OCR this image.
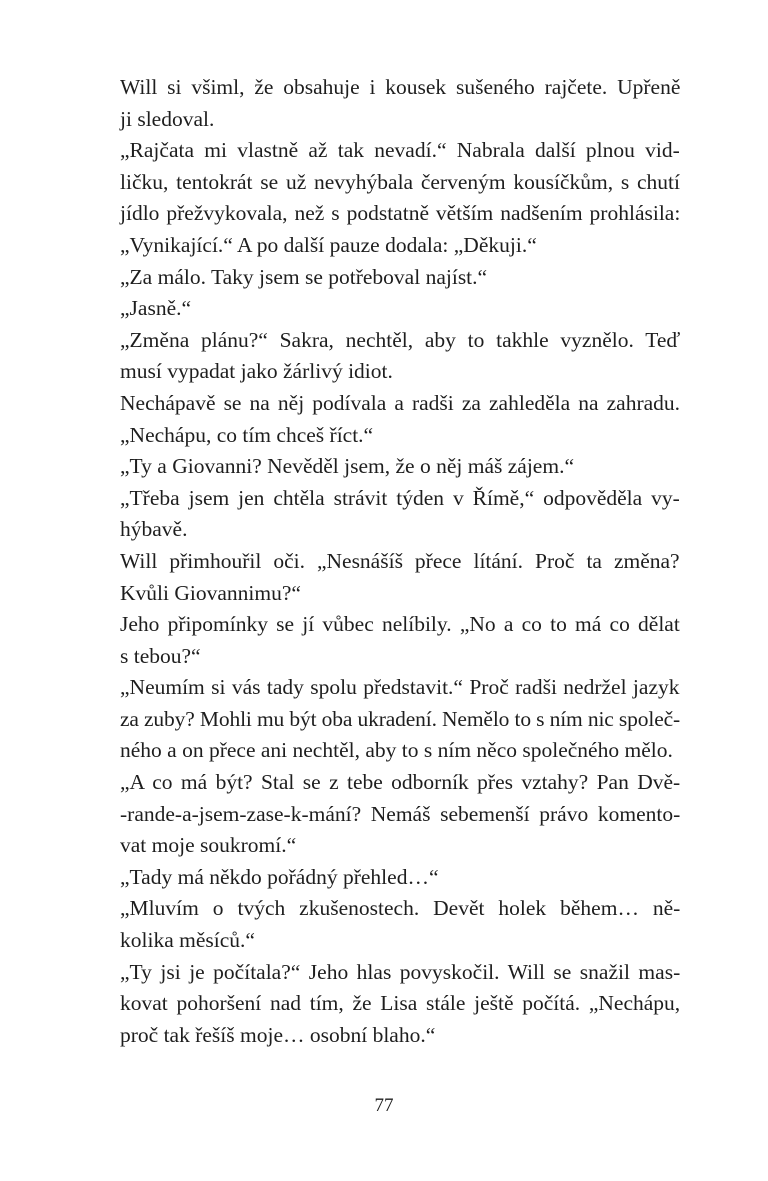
Will si všiml, že obsahuje i kousek sušeného rajčete. Upřeně
ji sledoval.
„Rajčata mi vlastně až tak nevadí.“ Nabrala další plnou vid-
ličku, tentokrát se už nevyhýbala červeným kousíčkům, s chutí
jídlo přežvykovala, než s podstatně větším nadšením prohlásila:
„Vynikající.“ A po další pauze dodala: „Děkuji.“
„Za málo. Taky jsem se potřeboval najíst.“
„Jasně.“
„Změna plánu?“ Sakra, nechtěl, aby to takhle vyznělo. Teď
musí vypadat jako žárlivý idiot.
Nechápavě se na něj podívala a radši za zahleděla na zahradu.
„Nechápu, co tím chceš říct.“
„Ty a Giovanni? Nevěděl jsem, že o něj máš zájem.“
„Třeba jsem jen chtěla strávit týden v Římě,“ odpověděla vy-
hýbavě.
Will přimhouřil oči. „Nesnášíš přece lítání. Proč ta změna?
Kvůli Giovannimu?“
Jeho připomínky se jí vůbec nelíbily. „No a co to má co dělat
s tebou?“
„Neumím si vás tady spolu představit.“ Proč radši nedržel jazyk
za zuby? Mohli mu být oba ukradení. Nemělo to s ním nic společ-
ného a on přece ani nechtěl, aby to s ním něco společného mělo.
„A co má být? Stal se z tebe odborník přes vztahy? Pan Dvě-
-rande-a-jsem-zase-k-mání? Nemáš sebemenší právo komento-
vat moje soukromí.“
„Tady má někdo pořádný přehled…“
„Mluvím o tvých zkušenostech. Devět holek během… ně-
kolika měsíců.“
„Ty jsi je počítala?“ Jeho hlas povyskočil. Will se snažil mas-
kovat pohoršení nad tím, že Lisa stále ještě počítá. „Nechápu,
proč tak řešíš moje… osobní blaho.“
77
